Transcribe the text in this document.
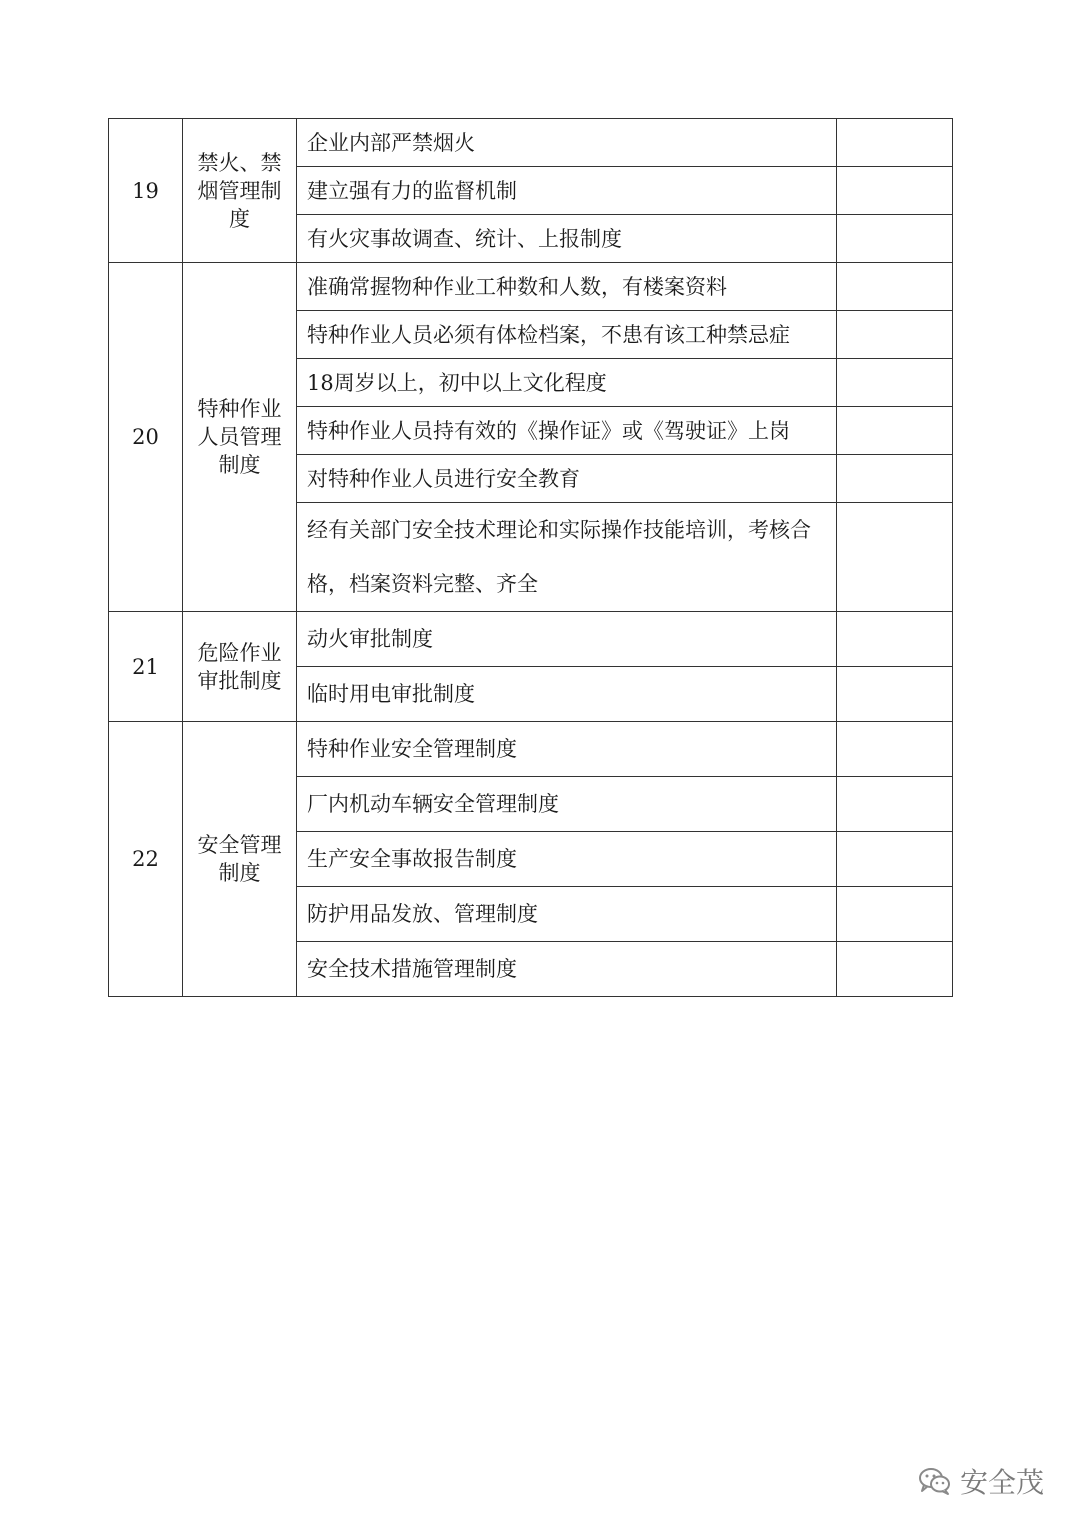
19	禁火、禁烟管理制度	企业内部严禁烟火	
		建立强有力的监督机制	
		有火灾事故调查、统计、上报制度	
20	特种作业人员管理制度	准确常握物种作业工种数和人数，有楼案资料	
		特种作业人员必须有体检档案，不患有该工种禁忌症	
		18周岁以上，初中以上文化程度	
		特种作业人员持有效的《操作证》或《驾驶证》上岗	
		对特种作业人员进行安全教育	
		经有关部门安全技术理论和实际操作技能培训，考核合格，档案资料完整、齐全	
21	危险作业审批制度	动火审批制度	
		临时用电审批制度	
22	安全管理制度	特种作业安全管理制度	
		厂内机动车辆安全管理制度	
		生产安全事故报告制度	
		防护用品发放、管理制度	
		安全技术措施管理制度	
安全茂
